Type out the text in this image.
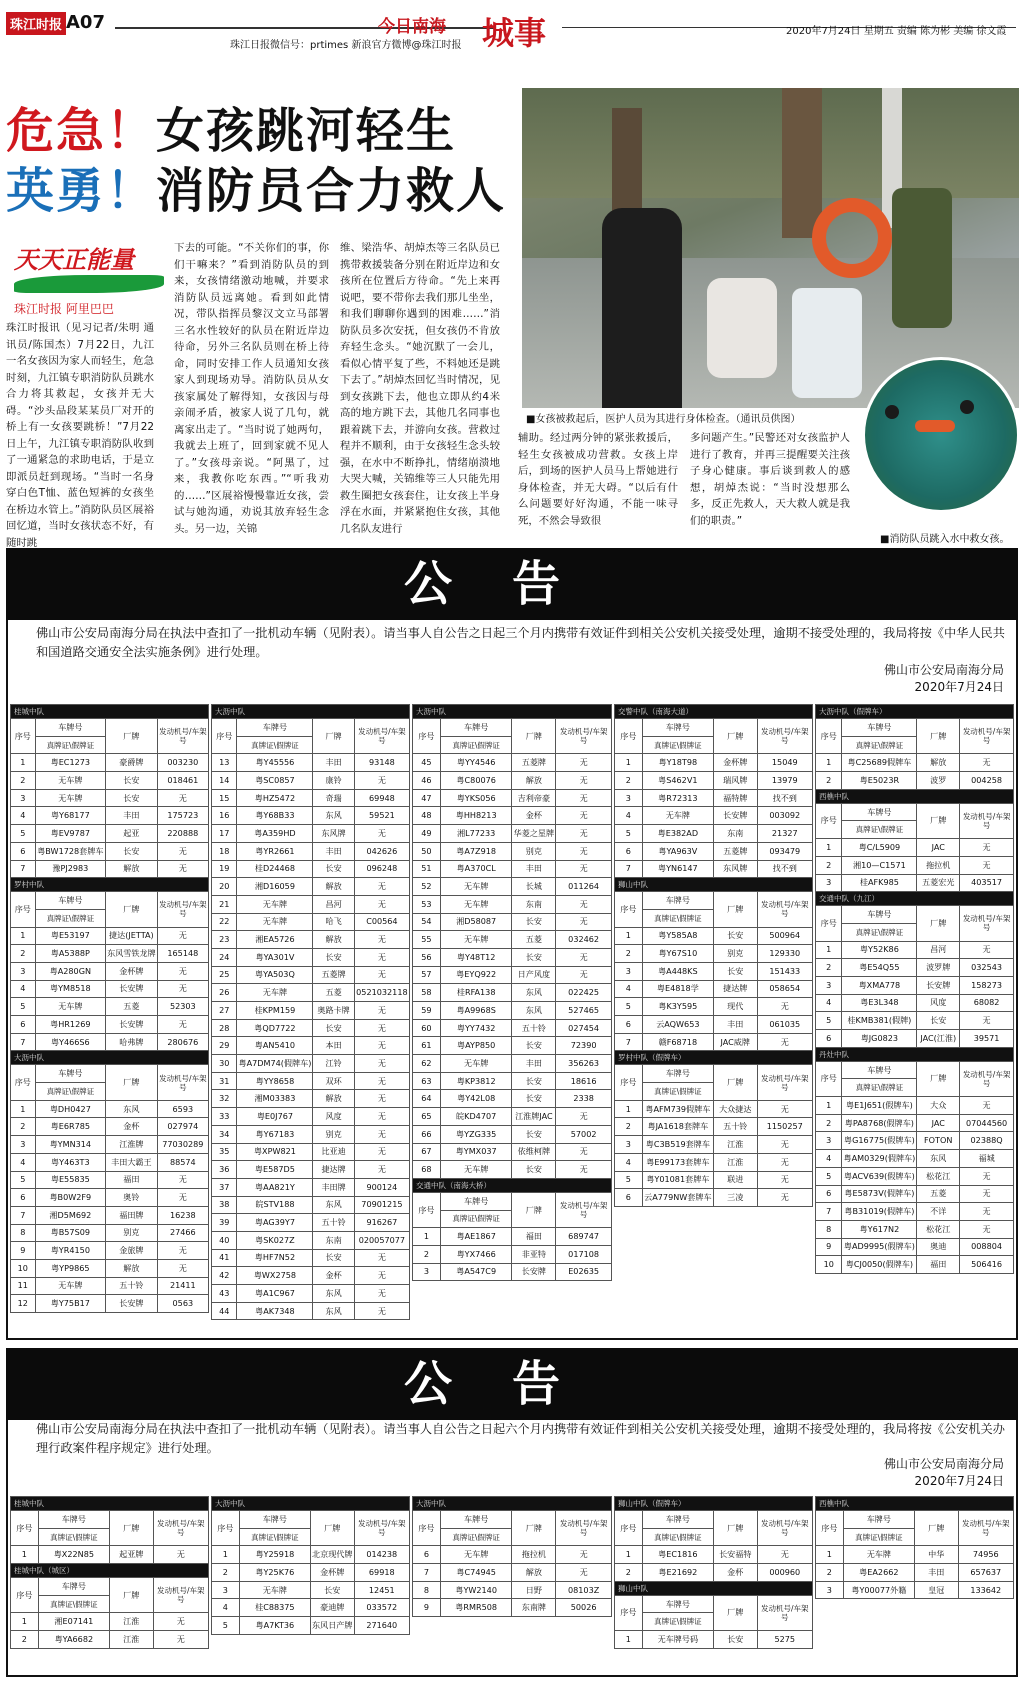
珠江时报 A07	今日南海 城事
珠江日报微信号：prtimes 新浪官方微博@珠江时报
2020年7月24日 星期五 责编 陈为彬 美编 徐文霞
危急！女孩跳河轻生
英勇！消防员合力救人
天天正能量
珠江时报 阿里巴巴
珠江时报讯（见习记者/朱明 通讯员/陈国杰）7月22日，九江一名女孩因为家人而轻生，危急时刻，九江镇专职消防队员跳水合力将其救起，女孩并无大碍。“沙头品段某某员厂对开的桥上有一女孩要跳桥！”7月22日上午，九江镇专职消防队收到了一通紧急的求助电话，于是立即派员赶到现场。“当时一名身穿白色T恤、蓝色短裤的女孩坐在桥边水管上。”消防队员区展裕回忆道，当时女孩状态不好，有随时跳
下去的可能。“不关你们的事，你们干嘛来？”看到消防队员的到来，女孩情绪激动地喊，并要求消防队员远离她。看到如此情况，带队指挥员黎汉文立马部署三名水性较好的队员在附近岸边待命，另外三名队员则在桥上待命，同时安排工作人员通知女孩家人到现场劝导。消防队员从女孩家属处了解得知，女孩因与母亲闹矛盾，被家人说了几句，就离家出走了。“当时说了她两句，我就去上班了，回到家就不见人了。”女孩母亲说。“阿黑了，过来，我教你吃东西。”“听我劝的……”区展裕慢慢靠近女孩，尝试与她沟通，劝说其放弃轻生念头。另一边，关锦
维、梁浩华、胡焯杰等三名队员已携带救援装备分别在附近岸边和女孩所在位置后方待命。“先上来再说吧，要不带你去我们那儿坐坐，和我们聊聊你遇到的困难……”消防队员多次安抚，但女孩仍不肯放弃轻生念头。“她沉默了一会儿，看似心情平复了些，不料她还是跳下去了。”胡焯杰回忆当时情况，见到女孩跳下去，他也立即从约4米高的地方跳下去，其他几名同事也跟着跳下去，并游向女孩。营救过程并不顺利，由于女孩轻生念头较强，在水中不断挣扎，情绪崩溃地大哭大喊，关锦维等三人只能先用救生圈把女孩套住，让女孩上半身浮在水面，并紧紧抱住女孩，其他几名队友进行
辅助。经过两分钟的紧张救援后，轻生女孩被成功营救。女孩上岸后，到场的医护人员马上帮她进行身体检查，并无大碍。“以后有什么问题要好好沟通，不能一味寻死，不然会导致很
多问题产生。”民警还对女孩监护人进行了教育，并再三提醒要关注孩子身心健康。事后谈到救人的感想，胡焯杰说：“当时没想那么多，反正先救人，天大救人就是我们的职责。”
■女孩被救起后，医护人员为其进行身体检查。（通讯员供图）
■消防队员跳入水中救女孩。
公告
佛山市公安局南海分局在执法中查扣了一批机动车辆（见附表）。请当事人自公告之日起三个月内携带有效证件到相关公安机关接受处理，逾期不接受处理的，我局将按《中华人民共和国道路交通安全法实施条例》进行处理。
佛山市公安局南海分局
2020年7月24日
桂城中队			
序号	车牌号	厂牌	发动机号/车架号
	真牌证\假牌证		
1	粤EC1273	豪爵牌	003230
2	无车牌	长安	018461
3	无车牌	长安	无
4	粤Y68177	丰田	175723
5	粤EV9787	起亚	220888
6	粤BW1728套牌车	长安	无
7	豫PJ2983	解放	无
罗村中队			
序号	车牌号	厂牌	发动机号/车架号
	真牌证\假牌证		
1	粤E53197	捷达(JETTA)	无
2	粤A5388P	东风雪铁龙牌	165148
3	粤A280GN	金杯牌	无
4	粤YM8518	长安牌	无
5	无车牌	五菱	52303
6	粤HR1269	长安牌	无
7	粤Y466S6	哈弗牌	280676
大沥中队			
序号	车牌号	厂牌	发动机号/车架号
	真牌证\假牌证		
1	粤DH0427	东风	6593
2	粤E6R785	金杯	027974
3	粤YMN314	江淮牌	77030289
4	粤Y463T3	丰田大霸王	88574
5	粤E55835	福田	无
6	粤B0W2F9	奥铃	无
7	湘D5M692	福田牌	16238
8	粤B57S09	别克	27466
9	粤YR4150	金旅牌	无
10	粤YP9865	解放	无
11	无车牌	五十铃	21411
12	粤Y75B17	长安牌	0563
大沥中队			
序号	车牌号	厂牌	发动机号/车架号
	真牌证\假牌证		
13	粤Y45556	丰田	93148
14	粤SC0857	康铃	无
15	粤HZ5472	奇瑞	69948
16	粤Y68B33	东风	59521
17	粤A359HD	东风牌	无
18	粤YR2661	丰田	042626
19	桂D24468	长安	096248
20	湘D16059	解放	无
21	无车牌	昌河	无
22	无车牌	哈飞	C00564
23	湘EA5726	解放	无
24	粤YA301V	长安	无
25	粤YA503Q	五菱牌	无
26	无车牌	五菱	0521032118
27	桂KPM159	奥路卡牌	无
28	粤QD7722	长安	无
29	粤AN5410	本田	无
30	粤A7DM74(假牌车)	江铃	无
31	粤YY8658	双环	无
32	湘M03383	解放	无
33	粤E0J767	风度	无
34	粤Y67183	别克	无
35	粤XPW821	比亚迪	无
36	粤E587D5	捷达牌	无
37	粤AA821Y	丰田牌	900124
38	皖STV188	东风	70901215
39	粤AG39Y7	五十铃	916267
40	粤SK027Z	东南	020057077
41	粤HF7N52	长安	无
42	粤WX2758	金杯	无
43	粤A1C967	东风	无
44	粤AK7348	东风	无
大沥中队			
序号	车牌号	厂牌	发动机号/车架号
	真牌证\假牌证		
45	粤YY4546	五菱牌	无
46	粤C80076	解放	无
47	粤YKS056	吉利帝豪	无
48	粤HH8213	金杯	无
49	湘L77233	华菱之星牌	无
50	粤A7Z918	别克	无
51	粤A370CL	丰田	无
52	无车牌	长城	011264
53	无车牌	东南	无
54	湘D58087	长安	无
55	无车牌	五菱	032462
56	粤Y48T12	长安	无
57	粤EYQ922	日产风度	无
58	桂RFA138	东风	022425
59	粤A9968S	东风	527465
60	粤YY7432	五十铃	027454
61	粤AYP850	长安	72390
62	无车牌	丰田	356263
63	粤KP3812	长安	18616
64	粤Y42L08	长安	2338
65	皖KD4707	江淮牌JAC	无
66	粤YZG335	长安	57002
67	粤YMX037	依维柯牌	无
68	无车牌	长安	无
交通中队（南海大桥）			
序号	车牌号	厂牌	发动机号/车架号
	真牌证\假牌证		
1	粤AE1867	福田	689747
2	粤YX7466	非亚特	017108
3	粤A547C9	长安牌	E02635
交警中队（南海大道）			
序号	车牌号	厂牌	发动机号/车架号
	真牌证\假牌证		
1	粤Y18T98	金杯牌	15049
2	粤S462V1	瑞风牌	13979
3	粤R72313	福特牌	找不到
4	无车牌	长安牌	003092
5	粤E382AD	东南	21327
6	粤YA963V	五菱牌	093479
7	粤YN6147	东风牌	找不到
狮山中队			
序号	车牌号	厂牌	发动机号/车架号
	真牌证\假牌证		
1	粤Y585A8	长安	500964
2	粤Y67S10	别克	129330
3	粤A448KS	长安	151433
4	粤E4818学	捷达牌	058654
5	粤K3Y595	现代	无
6	云AQW653	丰田	061035
7	赣F68718	JAC威牌	无
罗村中队（假牌车）			
序号	车牌号	厂牌	发动机号/车架号
	真牌证\假牌证		
1	粤AFM739假牌车	大众捷达	无
2	粤JA1618套牌车	五十铃	1150257
3	粤C3B519套牌车	江淮	无
4	粤E99173套牌车	江淮	无
5	粤Y01081套牌车	联进	无
6	云A779NW套牌车	三凌	无
大沥中队（假牌车）			
序号	车牌号	厂牌	发动机号/车架号
	真牌证\假牌证		
1	粤C25689假牌车	解放	无
2	粤E5023R	波罗	004258
西樵中队			
序号	车牌号	厂牌	发动机号/车架号
	真牌证\假牌证		
1	粤C/L5909	JAC	无
2	湘10—C1571	拖拉机	无
3	桂AFK985	五菱宏光	403517
交通中队（九江）			
序号	车牌号	厂牌	发动机号/车架号
	真牌证\假牌证		
1	粤Y52K86	昌河	无
2	粤E54Q55	波罗牌	032543
3	粤XMA778	长安牌	158273
4	粤E3L348	风度	68082
5	桂KMB381(假牌)	长安	无
6	粤JG0823	JAC(江淮)	39571
丹灶中队			
序号	车牌号	厂牌	发动机号/车架号
	真牌证\假牌证		
1	粤E1J651(假牌车)	大众	无
2	粤PA8768(假牌车)	JAC	07044560
3	粤G16775(假牌车)	FOTON	02388Q
4	粤AM0329(假牌车)	东风	福城
5	粤ACV639(假牌车)	松花江	无
6	粤E5873V(假牌车)	五菱	无
7	粤B31019(假牌车)	不详	无
8	粤Y617N2	松花江	无
9	粤AD9995(假牌车)	奥迪	008804
10	粤CJ0050(假牌车)	福田	506416
公告
佛山市公安局南海分局在执法中查扣了一批机动车辆（见附表）。请当事人自公告之日起六个月内携带有效证件到相关公安机关接受处理，逾期不接受处理的，我局将按《公安机关办理行政案件程序规定》进行处理。
佛山市公安局南海分局
2020年7月24日
桂城中队			
序号	车牌号	厂牌	发动机号/车架号
	真牌证\假牌证		
1	粤X22N85	起亚牌	无
桂城中队（城区）			
序号	车牌号	厂牌	发动机号/车架号
	真牌证\假牌证		
1	湘E07141	江淮	无
2	粤YA6682	江淮	无
大沥中队			
序号	车牌号	厂牌	发动机号/车架号
	真牌证\假牌证		
1	粤Y25918	北京现代牌	014238
2	粤Y25K76	金杯牌	69918
3	无车牌	长安	12451
4	桂C88375	豪迪牌	033572
5	粤A7KT36	东风日产牌	271640
大沥中队			
序号	车牌号	厂牌	发动机号/车架号
	真牌证\假牌证		
6	无车牌	拖拉机	无
7	粤C74945	解放	无
8	粤YW2140	日野	08103Z
9	粤RMR508	东南牌	50026
狮山中队（假牌车）			
序号	车牌号	厂牌	发动机号/车架号
	真牌证\假牌证		
1	粤EC1816	长安福特	无
2	粤E21692	金杯	000960
狮山中队			
序号	车牌号	厂牌	发动机号/车架号
	真牌证\假牌证		
1	无车牌号码	长安	5275
西樵中队			
序号	车牌号	厂牌	发动机号/车架号
	真牌证\假牌证		
1	无车牌	中华	74956
2	粤EA2662	丰田	657637
3	粤Y00077外籍	皇冠	133642
